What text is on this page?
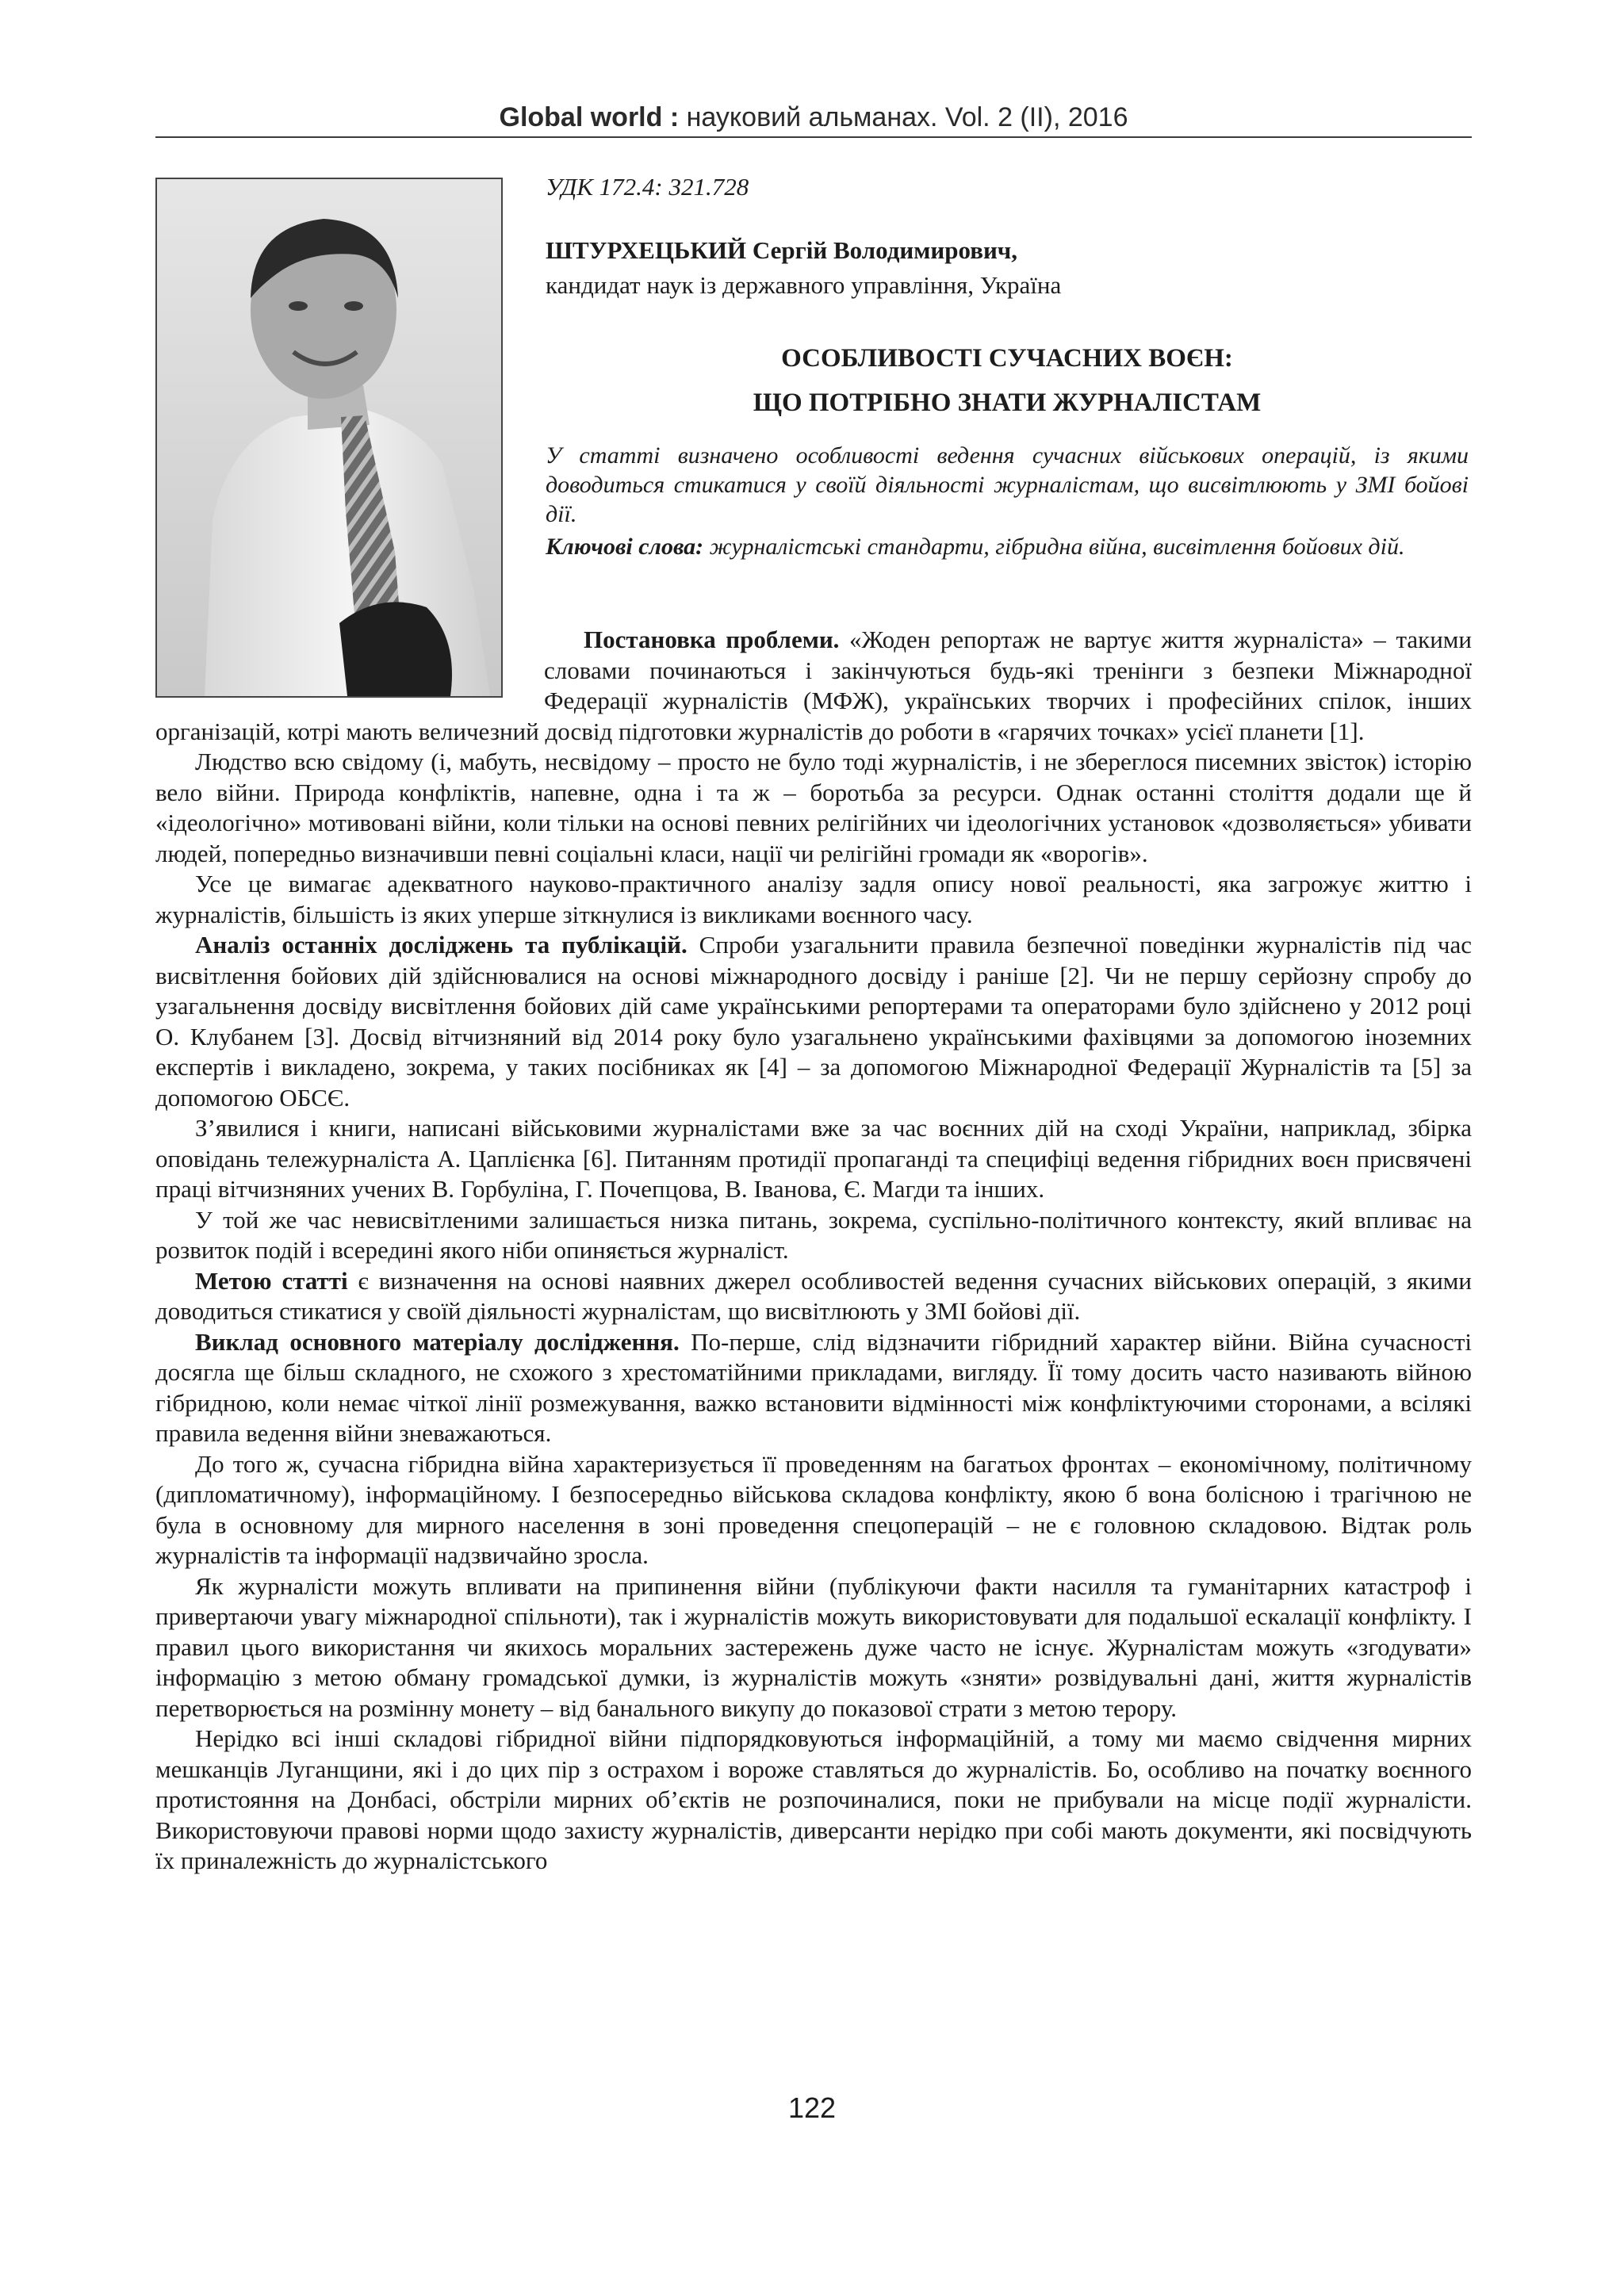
Global world : науковий альманах. Vol. 2 (II), 2016
УДК 172.4: 321.728
ШТУРХЕЦЬКИЙ Сергій Володимирович,
кандидат наук із державного управління, Україна
ОСОБЛИВОСТІ СУЧАСНИХ ВОЄН:
ЩО ПОТРІБНО ЗНАТИ ЖУРНАЛІСТАМ

У статті визначено особливості ведення сучасних військових операцій, із якими доводиться стикатися у своїй діяльності журналістам, що висвітлюють у ЗМІ бойові дії.

Ключові слова: журналістські стандарти, гібридна війна, висвітлення бойових дій.

Постановка проблеми. «Жоден репортаж не вартує життя журналіста» – такими словами починаються і закінчуються будь-які тренінги з безпеки Міжнародної Федерації журналістів (МФЖ), українських творчих і професійних спілок, інших організацій, котрі мають величезний досвід підготовки журналістів до роботи в «гарячих точках» усієї планети [1].

Людство всю свідому (і, мабуть, несвідому – просто не було тоді журналістів, і не збереглося писемних звісток) історію вело війни. Природа конфліктів, напевне, одна і та ж – боротьба за ресурси. Однак останні століття додали ще й «ідеологічно» мотивовані війни, коли тільки на основі певних релігійних чи ідеологічних установок «дозволяється» убивати людей, попередньо визначивши певні соціальні класи, нації чи релігійні громади як «ворогів».

Усе це вимагає адекватного науково-практичного аналізу задля опису нової реальності, яка загрожує життю і журналістів, більшість із яких уперше зіткнулися із викликами воєнного часу.

Аналіз останніх досліджень та публікацій. Спроби узагальнити правила безпечної поведінки журналістів під час висвітлення бойових дій здійснювалися на основі міжнародного досвіду і раніше [2]. Чи не першу серйозну спробу до узагальнення досвіду висвітлення бойових дій саме українськими репортерами та операторами було здійснено у 2012 році О. Клубанем [3]. Досвід вітчизняний від 2014 року було узагальнено українськими фахівцями за допомогою іноземних експертів і викладено, зокрема, у таких посібниках як [4] – за допомогою Міжнародної Федерації Журналістів та [5] за допомогою ОБСЄ.

З’явилися і книги, написані військовими журналістами вже за час воєнних дій на сході України, наприклад, збірка оповідань тележурналіста А. Цаплієнка [6]. Питанням протидії пропаганді та специфіці ведення гібридних воєн присвячені праці вітчизняних учених В. Горбуліна, Г. Почепцова, В. Іванова, Є. Магди та інших.

У той же час невисвітленими залишається низка питань, зокрема, суспільно-політичного контексту, який впливає на розвиток подій і всередині якого ніби опиняється журналіст.

Метою статті є визначення на основі наявних джерел особливостей ведення сучасних військових операцій, з якими доводиться стикатися у своїй діяльності журналістам, що висвітлюють у ЗМІ бойові дії.

Виклад основного матеріалу дослідження. По-перше, слід відзначити гібридний характер війни. Війна сучасності досягла ще більш складного, не схожого з хрестоматійними прикладами, вигляду. Її тому досить часто називають війною гібридною, коли немає чіткої лінії розмежування, важко встановити відмінності між конфліктуючими сторонами, а всілякі правила ведення війни зневажаються.

До того ж, сучасна гібридна війна характеризується її проведенням на багатьох фронтах – економічному, політичному (дипломатичному), інформаційному. І безпосередньо військова складова конфлікту, якою б вона болісною і трагічною не була в основному для мирного населення в зоні проведення спецоперацій – не є головною складовою. Відтак роль журналістів та інформації надзвичайно зросла.

Як журналісти можуть впливати на припинення війни (публікуючи факти насилля та гуманітарних катастроф і привертаючи увагу міжнародної спільноти), так і журналістів можуть використовувати для подальшої ескалації конфлікту. І правил цього використання чи якихось моральних застережень дуже часто не існує. Журналістам можуть «згодувати» інформацію з метою обману громадської думки, із журналістів можуть «зняти» розвідувальні дані, життя журналістів перетворюється на розмінну монету – від банального викупу до показової страти з метою терору.

Нерідко всі інші складові гібридної війни підпорядковуються інформаційній, а тому ми маємо свідчення мирних мешканців Луганщини, які і до цих пір з острахом і вороже ставляться до журналістів. Бо, особливо на початку воєнного протистояння на Донбасі, обстріли мирних об’єктів не розпочиналися, поки не прибували на місце події журналісти. Використовуючи правові норми щодо захисту журналістів, диверсанти нерідко при собі мають документи, які посвідчують їх приналежність до журналістського

122
